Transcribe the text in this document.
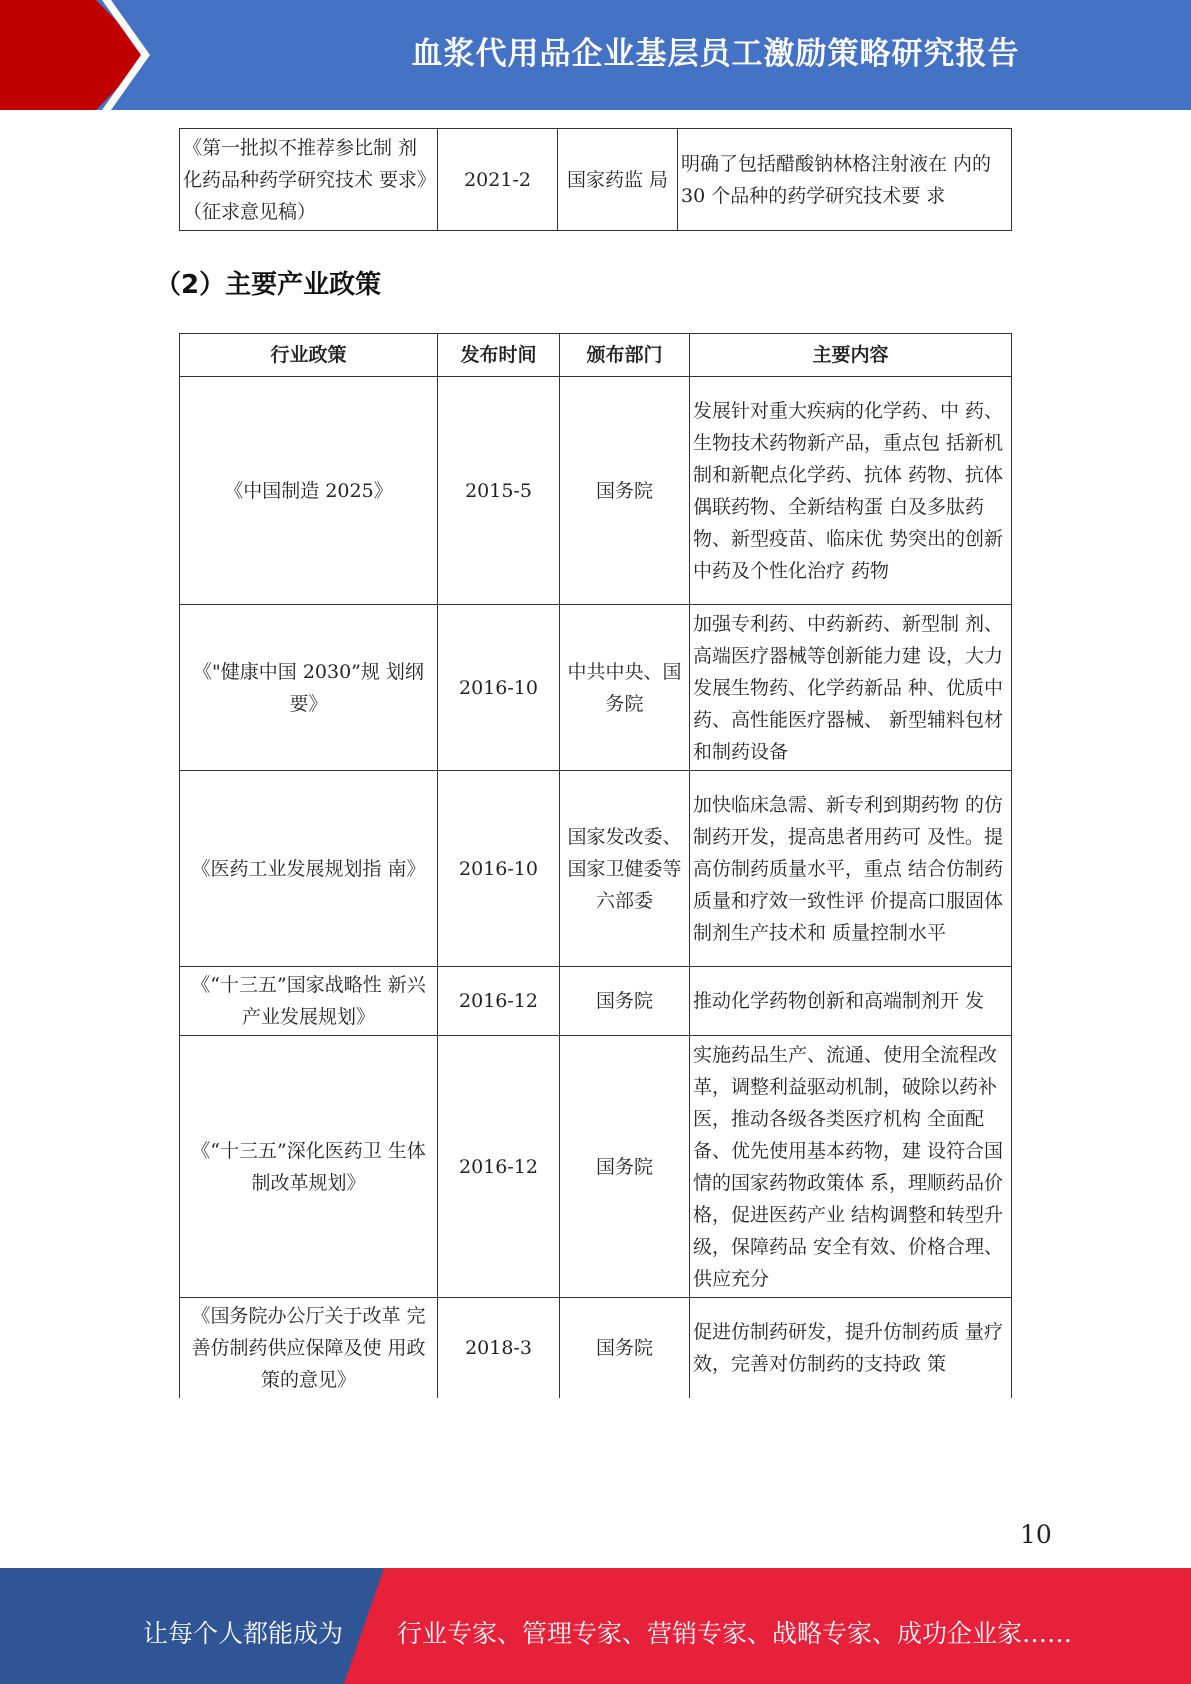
血浆代用品企业基层员工激励策略研究报告
《第一批拟不推荐参比制 剂化药品种药学研究技术 要求》（征求意见稿）	2021-2	国家药监 局	明确了包括醋酸钠林格注射液在 内的 30 个品种的药学研究技术要 求
（2）主要产业政策
行业政策	发布时间	颁布部门	主要内容
《中国制造 2025》	2015-5	国务院	发展针对重大疾病的化学药、中 药、生物技术药物新产品，重点包 括新机制和新靶点化学药、抗体 药物、抗体偶联药物、全新结构蛋 白及多肽药物、新型疫苗、临床优 势突出的创新中药及个性化治疗 药物
《"健康中国 2030”规 划纲要》	2016-10	中共中央、国务院	加强专利药、中药新药、新型制 剂、高端医疗器械等创新能力建 设，大力发展生物药、化学药新品 种、优质中药、高性能医疗器械、 新型辅料包材和制药设备
《医药工业发展规划指 南》	2016-10	国家发改委、国家卫健委等六部委	加快临床急需、新专利到期药物 的仿制药开发，提高患者用药可 及性。提高仿制药质量水平，重点 结合仿制药质量和疗效一致性评 价提高口服固体制剂生产技术和 质量控制水平
《“十三五”国家战略性 新兴产业发展规划》	2016-12	国务院	推动化学药物创新和高端制剂开 发
《“十三五”深化医药卫 生体制改革规划》	2016-12	国务院	实施药品生产、流通、使用全流程改革，调整利益驱动机制，破除以药补医，推动各级各类医疗机构 全面配备、优先使用基本药物，建 设符合国情的国家药物政策体 系，理顺药品价格，促进医药产业 结构调整和转型升级，保障药品 安全有效、价格合理、供应充分
《国务院办公厅关于改革 完善仿制药供应保障及使 用政策的意见》	2018-3	国务院	促进仿制药研发，提升仿制药质 量疗效，完善对仿制药的支持政 策
10
让每个人都能成为 行业专家、管理专家、营销专家、战略专家、成功企业家……
